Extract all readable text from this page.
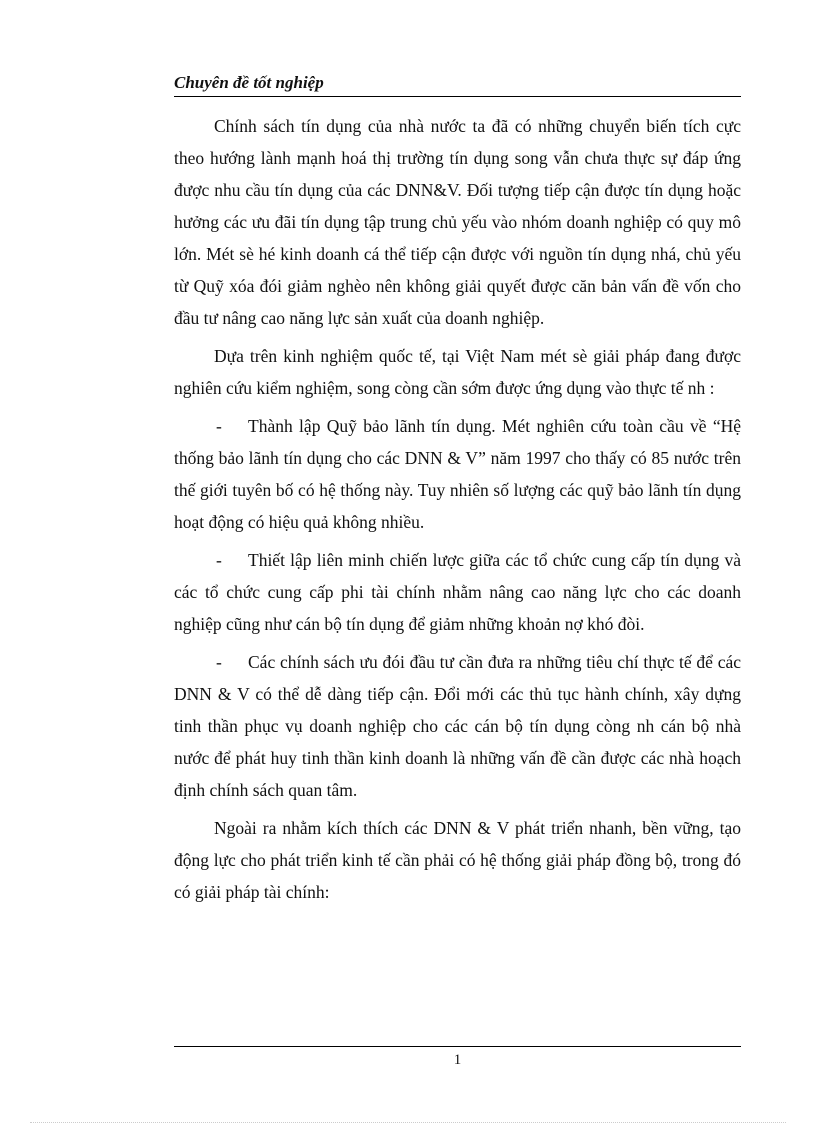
Chuyên đề tốt nghiệp

Chính sách tín dụng của nhà nước ta đã có những chuyển biến tích cực theo hướng lành mạnh hoá thị trường tín dụng song vẫn chưa thực sự đáp ứng được nhu cầu tín dụng của các DNN&V. Đối tượng tiếp cận được tín dụng hoặc hưởng các ưu đãi tín dụng tập trung chủ yếu vào nhóm doanh nghiệp có quy mô lớn. Mét sè hé kinh doanh cá thể tiếp cận được với nguồn tín dụng nhá, chủ yếu từ Quỹ xóa đói giảm nghèo nên không giải quyết được căn bản vấn đề vốn cho đầu tư nâng cao năng lực sản xuất của doanh nghiệp.

Dựa trên kinh nghiệm quốc tế, tại Việt Nam mét sè giải pháp đang được nghiên cứu kiểm nghiệm, song còng cần sớm được ứng dụng vào thực tế nh :

- Thành lập Quỹ bảo lãnh tín dụng. Mét nghiên cứu toàn cầu về “Hệ thống bảo lãnh tín dụng cho các DNN & V” năm 1997 cho thấy có 85 nước trên thế giới tuyên bố có hệ thống này. Tuy nhiên số lượng các quỹ bảo lãnh tín dụng hoạt động có hiệu quả không nhiều.

- Thiết lập liên minh chiến lược giữa các tổ chức cung cấp tín dụng và các tổ chức cung cấp phi tài chính nhằm nâng cao năng lực cho các doanh nghiệp cũng như cán bộ tín dụng để giảm những khoản nợ khó đòi.

- Các chính sách ưu đói đầu tư cần đưa ra những tiêu chí thực tế để các DNN & V có thể dễ dàng tiếp cận. Đổi mới các thủ tục hành chính, xây dựng tinh thần phục vụ doanh nghiệp cho các cán bộ tín dụng còng nh cán bộ nhà nước để phát huy tinh thần kinh doanh là những vấn đề cần được các nhà hoạch định chính sách quan tâm.

Ngoài ra nhằm kích thích các DNN & V phát triển nhanh, bền vững, tạo động lực cho phát triển kinh tế cần phải có hệ thống giải pháp đồng bộ, trong đó có giải pháp tài chính:

1
